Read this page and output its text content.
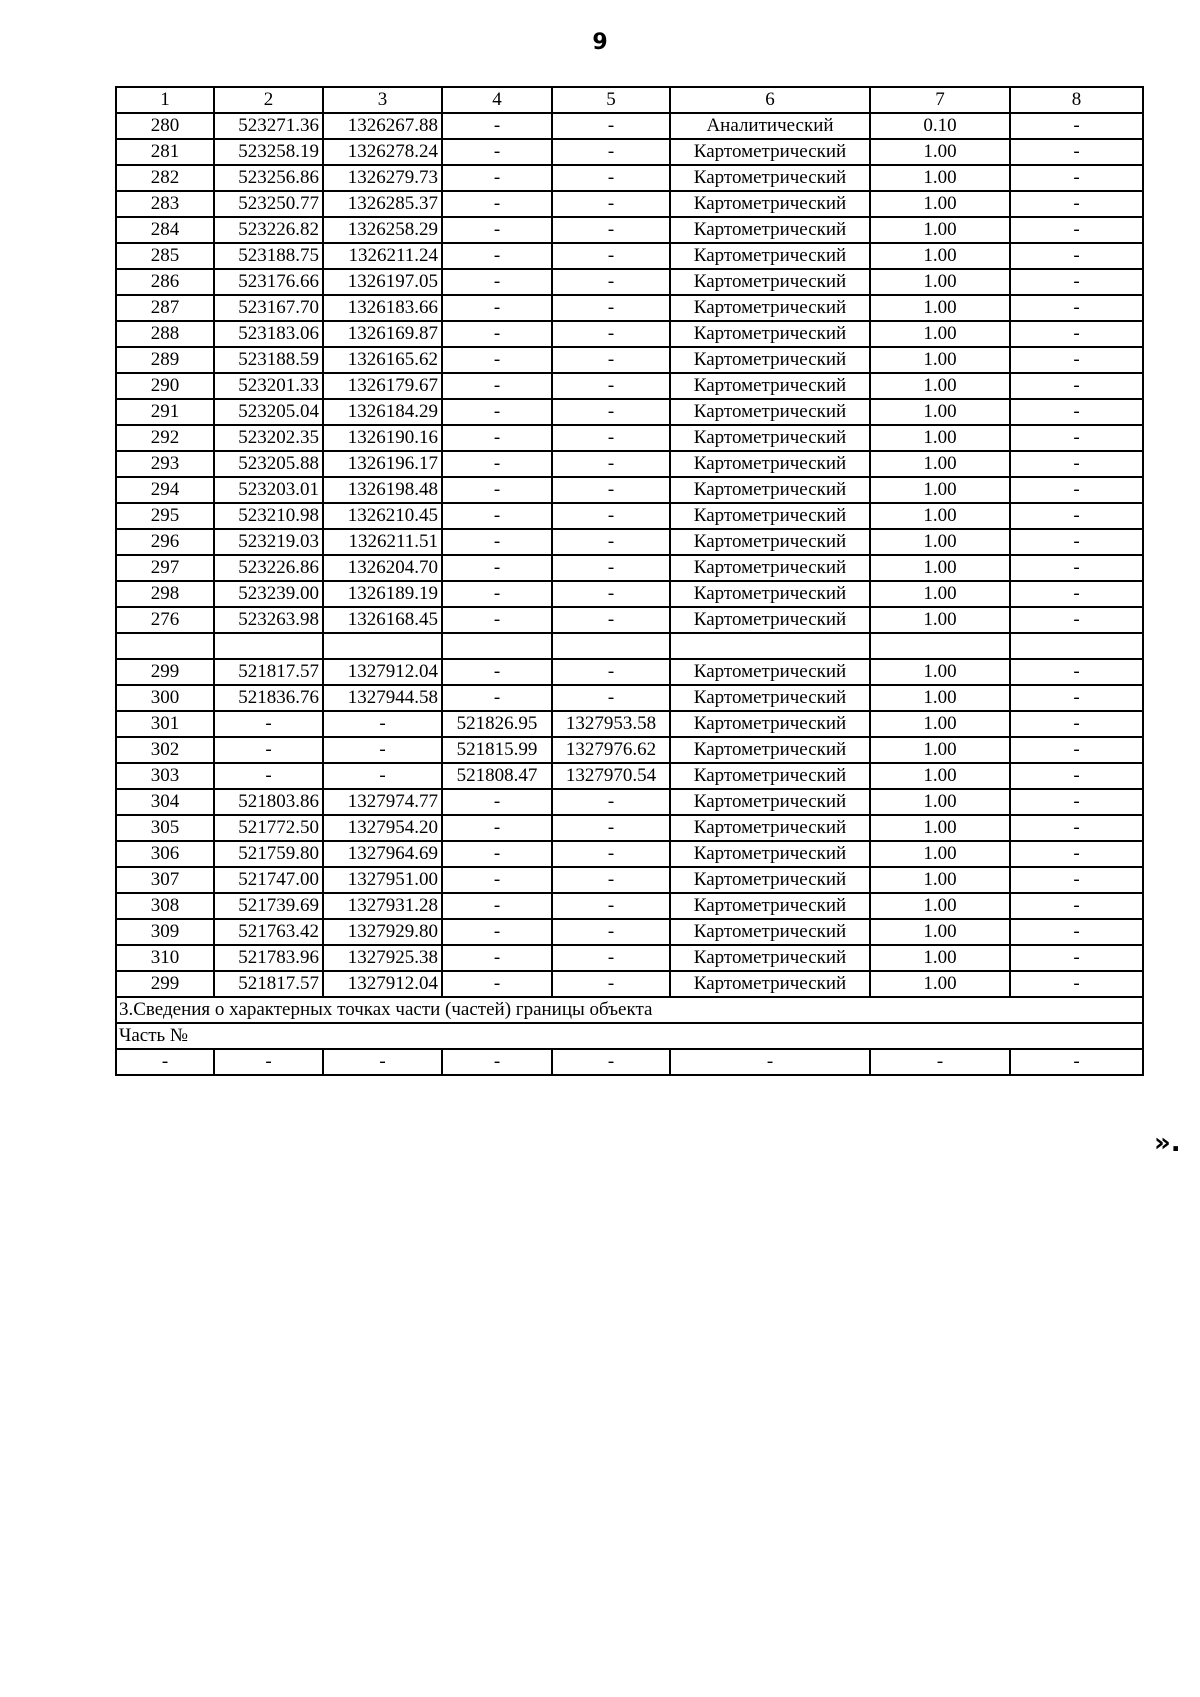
9
1	2	3	4	5	6	7	8
280	523271.36	1326267.88	-	-	Аналитический	0.10	-
281	523258.19	1326278.24	-	-	Картометрический	1.00	-
282	523256.86	1326279.73	-	-	Картометрический	1.00	-
283	523250.77	1326285.37	-	-	Картометрический	1.00	-
284	523226.82	1326258.29	-	-	Картометрический	1.00	-
285	523188.75	1326211.24	-	-	Картометрический	1.00	-
286	523176.66	1326197.05	-	-	Картометрический	1.00	-
287	523167.70	1326183.66	-	-	Картометрический	1.00	-
288	523183.06	1326169.87	-	-	Картометрический	1.00	-
289	523188.59	1326165.62	-	-	Картометрический	1.00	-
290	523201.33	1326179.67	-	-	Картометрический	1.00	-
291	523205.04	1326184.29	-	-	Картометрический	1.00	-
292	523202.35	1326190.16	-	-	Картометрический	1.00	-
293	523205.88	1326196.17	-	-	Картометрический	1.00	-
294	523203.01	1326198.48	-	-	Картометрический	1.00	-
295	523210.98	1326210.45	-	-	Картометрический	1.00	-
296	523219.03	1326211.51	-	-	Картометрический	1.00	-
297	523226.86	1326204.70	-	-	Картометрический	1.00	-
298	523239.00	1326189.19	-	-	Картометрический	1.00	-
276	523263.98	1326168.45	-	-	Картометрический	1.00	-

299	521817.57	1327912.04	-	-	Картометрический	1.00	-
300	521836.76	1327944.58	-	-	Картометрический	1.00	-
301	-	-	521826.95	1327953.58	Картометрический	1.00	-
302	-	-	521815.99	1327976.62	Картометрический	1.00	-
303	-	-	521808.47	1327970.54	Картометрический	1.00	-
304	521803.86	1327974.77	-	-	Картометрический	1.00	-
305	521772.50	1327954.20	-	-	Картометрический	1.00	-
306	521759.80	1327964.69	-	-	Картометрический	1.00	-
307	521747.00	1327951.00	-	-	Картометрический	1.00	-
308	521739.69	1327931.28	-	-	Картометрический	1.00	-
309	521763.42	1327929.80	-	-	Картометрический	1.00	-
310	521783.96	1327925.38	-	-	Картометрический	1.00	-
299	521817.57	1327912.04	-	-	Картометрический	1.00	-
3.Сведения о характерных точках части (частей) границы объекта							
Часть №							
-	-	-	-	-	-	-	-
».
